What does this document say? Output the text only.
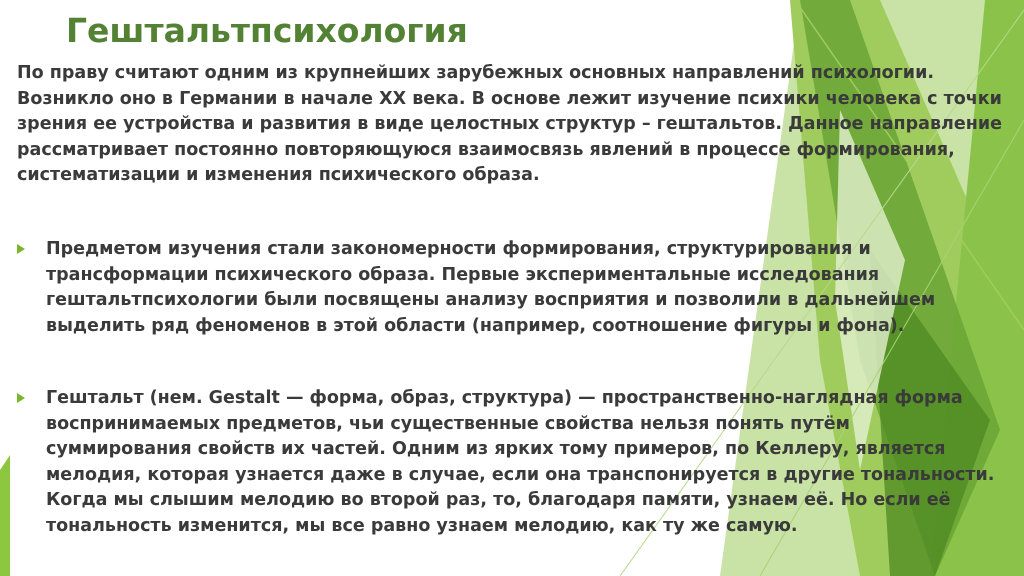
Гештальтпсихология
По праву считают одним из крупнейших зарубежных основных направлений психологии.
Возникло оно в Германии в начале XX века. В основе лежит изучение психики человека с точки
зрения ее устройства и развития в виде целостных структур – гештальтов. Данное направление
рассматривает постоянно повторяющуюся взаимосвязь явлений в процессе формирования,
систематизации и изменения психического образа.
Предметом изучения стали закономерности формирования, структурирования и
трансформации психического образа. Первые экспериментальные исследования
гештальтпсихологии были посвящены анализу восприятия и позволили в дальнейшем
выделить ряд феноменов в этой области (например, соотношение фигуры и фона).
Гештальт (нем. Gestalt — форма, образ, структура) — пространственно-наглядная форма
воспринимаемых предметов, чьи существенные свойства нельзя понять путём
суммирования свойств их частей. Одним из ярких тому примеров, по Келлеру, является
мелодия, которая узнается даже в случае, если она транспонируется в другие тональности.
Когда мы слышим мелодию во второй раз, то, благодаря памяти, узнаем её. Но если её
тональность изменится, мы все равно узнаем мелодию, как ту же самую.
